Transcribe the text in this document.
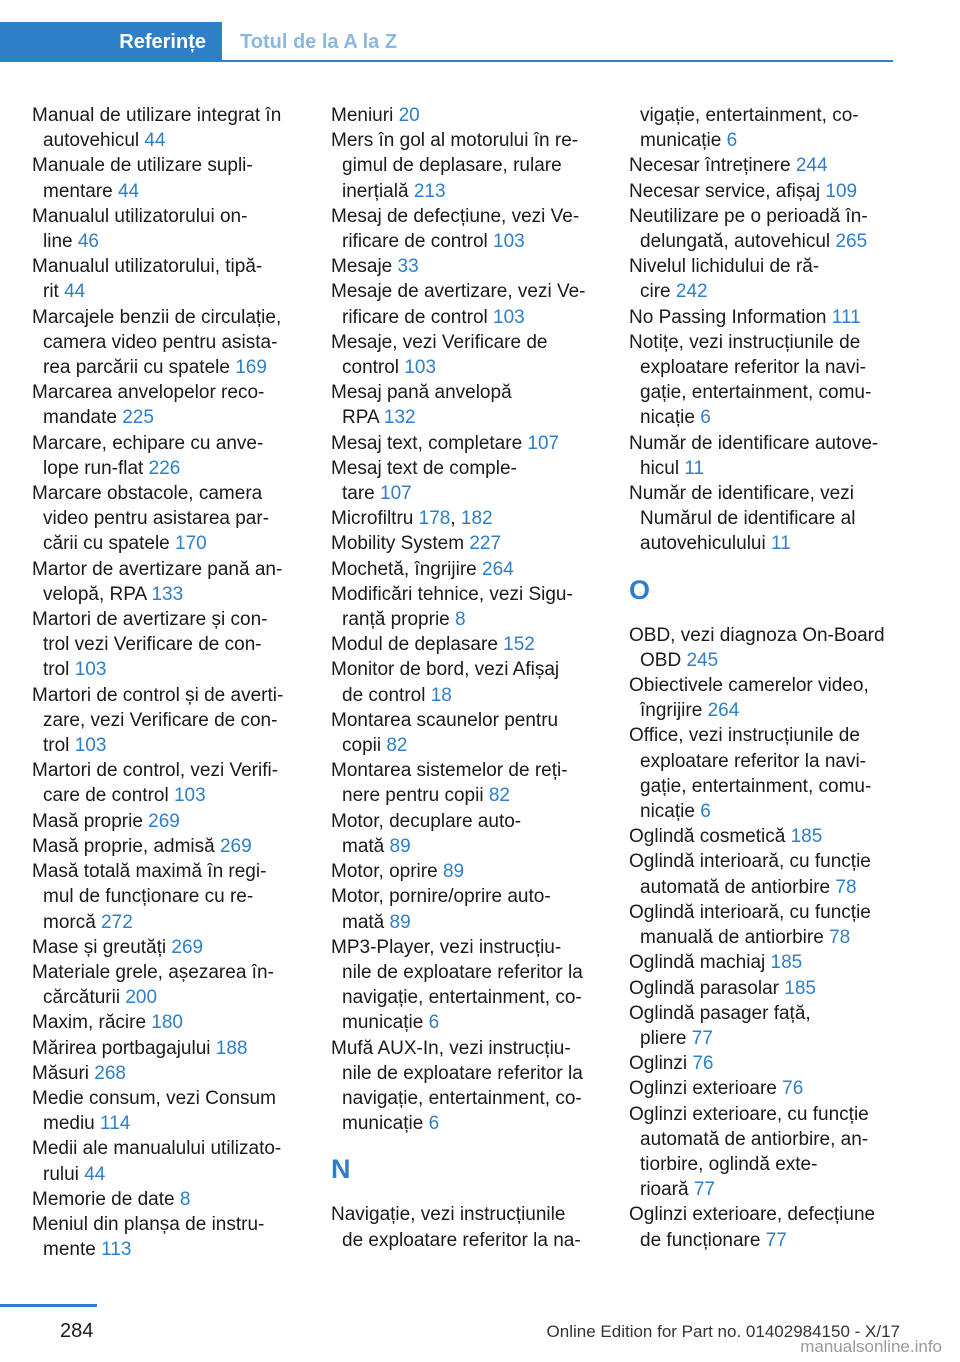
Referințe	Totul de la A la Z
Manual de utilizare integrat în
autovehicul 44
Manuale de utilizare supli-
mentare 44
Manualul utilizatorului on-
line 46
Manualul utilizatorului, tipă-
rit 44
Marcajele benzii de circulație,
camera video pentru asista-
rea parcării cu spatele 169
Marcarea anvelopelor reco-
mandate 225
Marcare, echipare cu anve-
lope run-flat 226
Marcare obstacole, camera
video pentru asistarea par-
cării cu spatele 170
Martor de avertizare pană an-
velopă, RPA 133
Martori de avertizare și con-
trol vezi Verificare de con-
trol 103
Martori de control și de averti-
zare, vezi Verificare de con-
trol 103
Martori de control, vezi Verifi-
care de control 103
Masă proprie 269
Masă proprie, admisă 269
Masă totală maximă în regi-
mul de funcționare cu re-
morcă 272
Mase și greutăți 269
Materiale grele, așezarea în-
cărcăturii 200
Maxim, răcire 180
Mărirea portbagajului 188
Măsuri 268
Medie consum, vezi Consum
mediu 114
Medii ale manualului utilizato-
rului 44
Memorie de date 8
Meniul din planșa de instru-
mente 113
Meniuri 20
Mers în gol al motorului în re-
gimul de deplasare, rulare
inerțială 213
Mesaj de defecțiune, vezi Ve-
rificare de control 103
Mesaje 33
Mesaje de avertizare, vezi Ve-
rificare de control 103
Mesaje, vezi Verificare de
control 103
Mesaj pană anvelopă
RPA 132
Mesaj text, completare 107
Mesaj text de comple-
tare 107
Microfiltru 178, 182
Mobility System 227
Mochetă, îngrijire 264
Modificări tehnice, vezi Sigu-
ranță proprie 8
Modul de deplasare 152
Monitor de bord, vezi Afișaj
de control 18
Montarea scaunelor pentru
copii 82
Montarea sistemelor de reți-
nere pentru copii 82
Motor, decuplare auto-
mată 89
Motor, oprire 89
Motor, pornire/oprire auto-
mată 89
MP3-Player, vezi instrucțiu-
nile de exploatare referitor la
navigație, entertainment, co-
municație 6
Mufă AUX-In, vezi instrucțiu-
nile de exploatare referitor la
navigație, entertainment, co-
municație 6
N
Navigație, vezi instrucțiunile
de exploatare referitor la na-
vigație, entertainment, co-
municație 6
Necesar întreținere 244
Necesar service, afișaj 109
Neutilizare pe o perioadă în-
delungată, autovehicul 265
Nivelul lichidului de ră-
cire 242
No Passing Information 111
Notițe, vezi instrucțiunile de
exploatare referitor la navi-
gație, entertainment, comu-
nicație 6
Număr de identificare autove-
hicul 11
Număr de identificare, vezi
Numărul de identificare al
autovehiculului 11
O
OBD, vezi diagnoza On-Board
OBD 245
Obiectivele camerelor video,
îngrijire 264
Office, vezi instrucțiunile de
exploatare referitor la navi-
gație, entertainment, comu-
nicație 6
Oglindă cosmetică 185
Oglindă interioară, cu funcție
automată de antiorbire 78
Oglindă interioară, cu funcție
manuală de antiorbire 78
Oglindă machiaj 185
Oglindă parasolar 185
Oglindă pasager față,
pliere 77
Oglinzi 76
Oglinzi exterioare 76
Oglinzi exterioare, cu funcție
automată de antiorbire, an-
tiorbire, oglindă exte-
rioară 77
Oglinzi exterioare, defecțiune
de funcționare 77
284	Online Edition for Part no. 01402984150 - X/17
manualsonline.info
